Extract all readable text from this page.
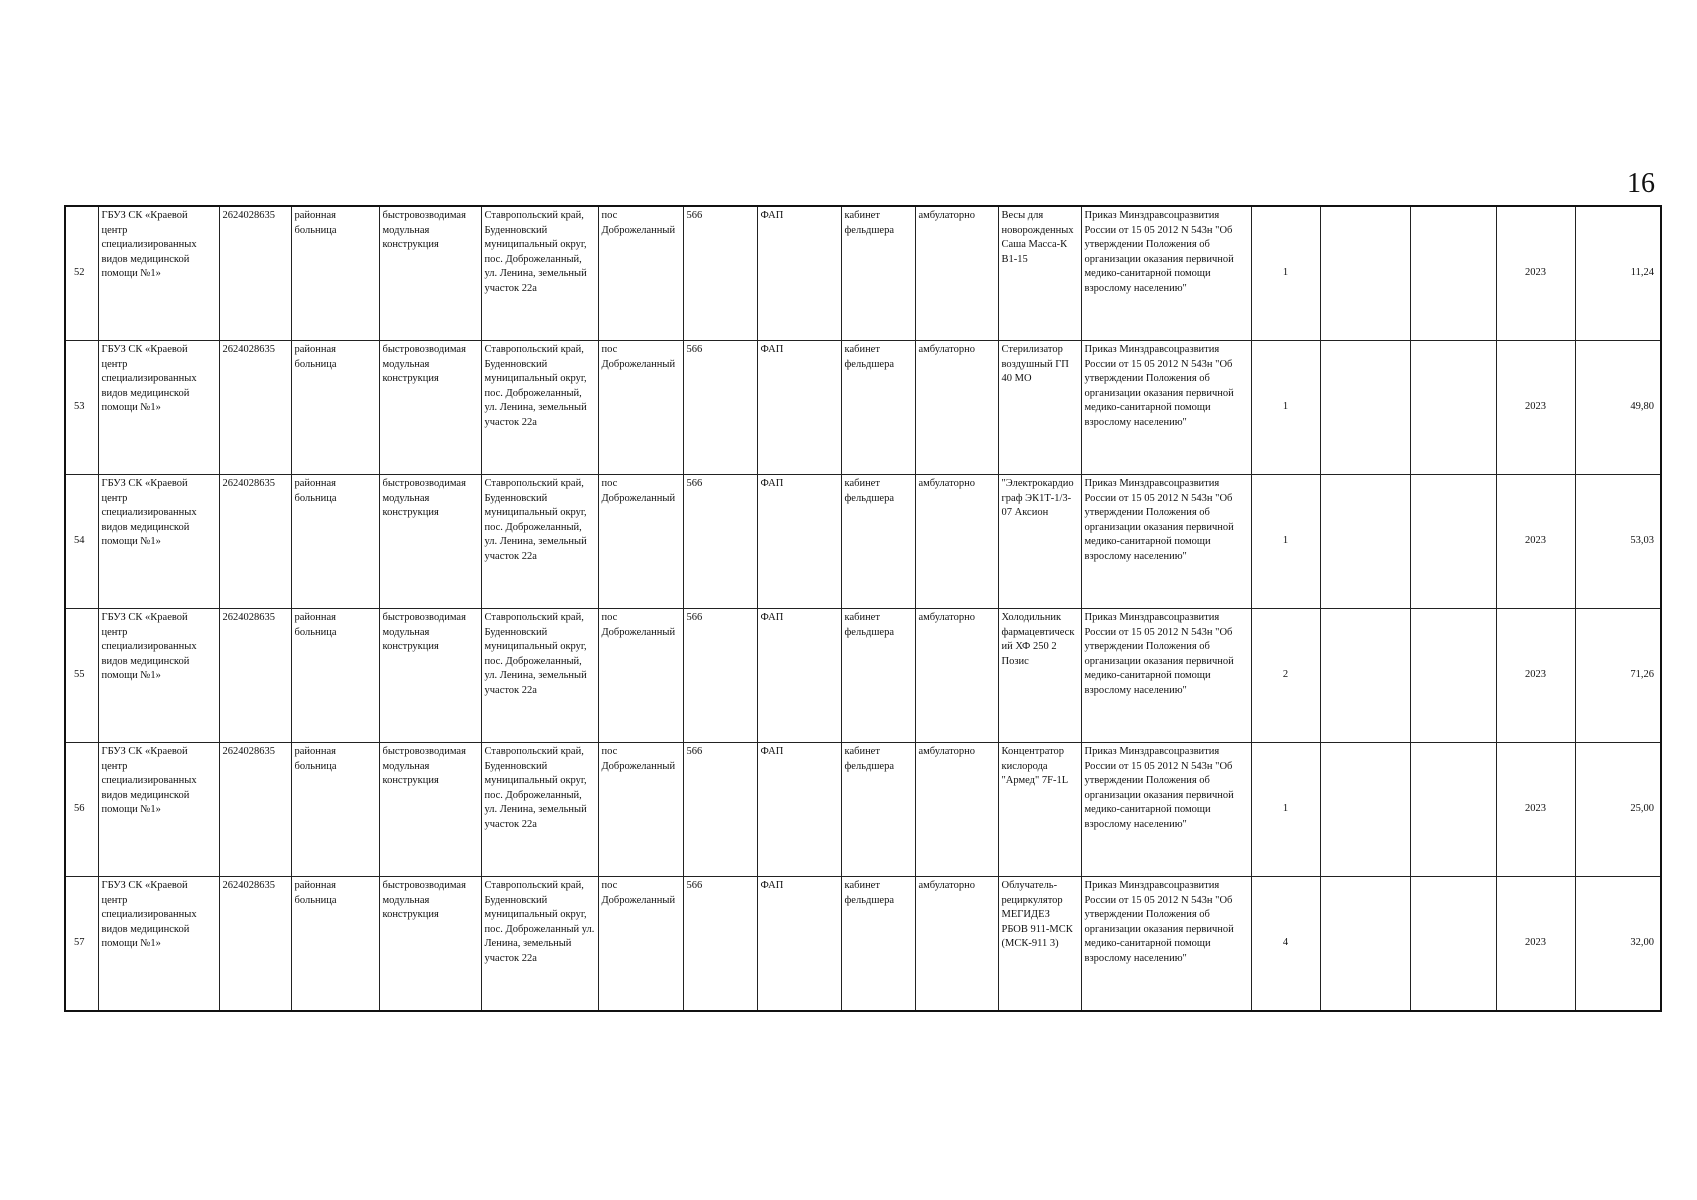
16
52	ГБУЗ СК «Краевой центр специализированных видов медицинской помощи №1»	2624028635	районная больница	быстровозводимая модульная конструкция	Ставропольский край, Буденновский муниципальный округ, пос. Доброжеланный, ул. Ленина, земельный участок 22а	пос Доброжеланный	566	ФАП	кабинет фельдшера	амбулаторно	Весы для новорожденных Саша Масса-К В1-15	Приказ Минздравсоцразвития России от 15 05 2012 N 543н "Об утверждении Положения об организации оказания первичной медико-санитарной помощи взрослому населению"	1			2023	11,24
53	ГБУЗ СК «Краевой центр специализированных видов медицинской помощи №1»	2624028635	районная больница	быстровозводимая модульная конструкция	Ставропольский край, Буденновский муниципальный округ, пос. Доброжеланный, ул. Ленина, земельный участок 22а	пос Доброжеланный	566	ФАП	кабинет фельдшера	амбулаторно	Стерилизатор воздушный ГП 40 МО	Приказ Минздравсоцразвития России от 15 05 2012 N 543н "Об утверждении Положения об организации оказания первичной медико-санитарной помощи взрослому населению"	1			2023	49,80
54	ГБУЗ СК «Краевой центр специализированных видов медицинской помощи №1»	2624028635	районная больница	быстровозводимая модульная конструкция	Ставропольский край, Буденновский муниципальный округ, пос. Доброжеланный, ул. Ленина, земельный участок 22а	пос Доброжеланный	566	ФАП	кабинет фельдшера	амбулаторно	"Электрокардиограф ЭК1Т-1/3-07 Аксион	Приказ Минздравсоцразвития России от 15 05 2012 N 543н "Об утверждении Положения об организации оказания первичной медико-санитарной помощи взрослому населению"	1			2023	53,03
55	ГБУЗ СК «Краевой центр специализированных видов медицинской помощи №1»	2624028635	районная больница	быстровозводимая модульная конструкция	Ставропольский край, Буденновский муниципальный округ, пос. Доброжеланный, ул. Ленина, земельный участок 22а	пос Доброжеланный	566	ФАП	кабинет фельдшера	амбулаторно	Холодильник фармацевтический ХФ 250 2 Позис	Приказ Минздравсоцразвития России от 15 05 2012 N 543н "Об утверждении Положения об организации оказания первичной медико-санитарной помощи взрослому населению"	2			2023	71,26
56	ГБУЗ СК «Краевой центр специализированных видов медицинской помощи №1»	2624028635	районная больница	быстровозводимая модульная конструкция	Ставропольский край, Буденновский муниципальный округ, пос. Доброжеланный, ул. Ленина, земельный участок 22а	пос Доброжеланный	566	ФАП	кабинет фельдшера	амбулаторно	Концентратор кислорода "Армед" 7F-1L	Приказ Минздравсоцразвития России от 15 05 2012 N 543н "Об утверждении Положения об организации оказания первичной медико-санитарной помощи взрослому населению"	1			2023	25,00
57	ГБУЗ СК «Краевой центр специализированных видов медицинской помощи №1»	2624028635	районная больница	быстровозводимая модульная конструкция	Ставропольский край, Буденновский муниципальный округ, пос. Доброжеланный ул. Ленина, земельный участок 22а	пос Доброжеланный	566	ФАП	кабинет фельдшера	амбулаторно	Облучатель-рециркулятор МЕГИДЕЗ РБОВ 911-МСК (МСК-911 3)	Приказ Минздравсоцразвития России от 15 05 2012 N 543н "Об утверждении Положения об организации оказания первичной медико-санитарной помощи взрослому населению"	4			2023	32,00
